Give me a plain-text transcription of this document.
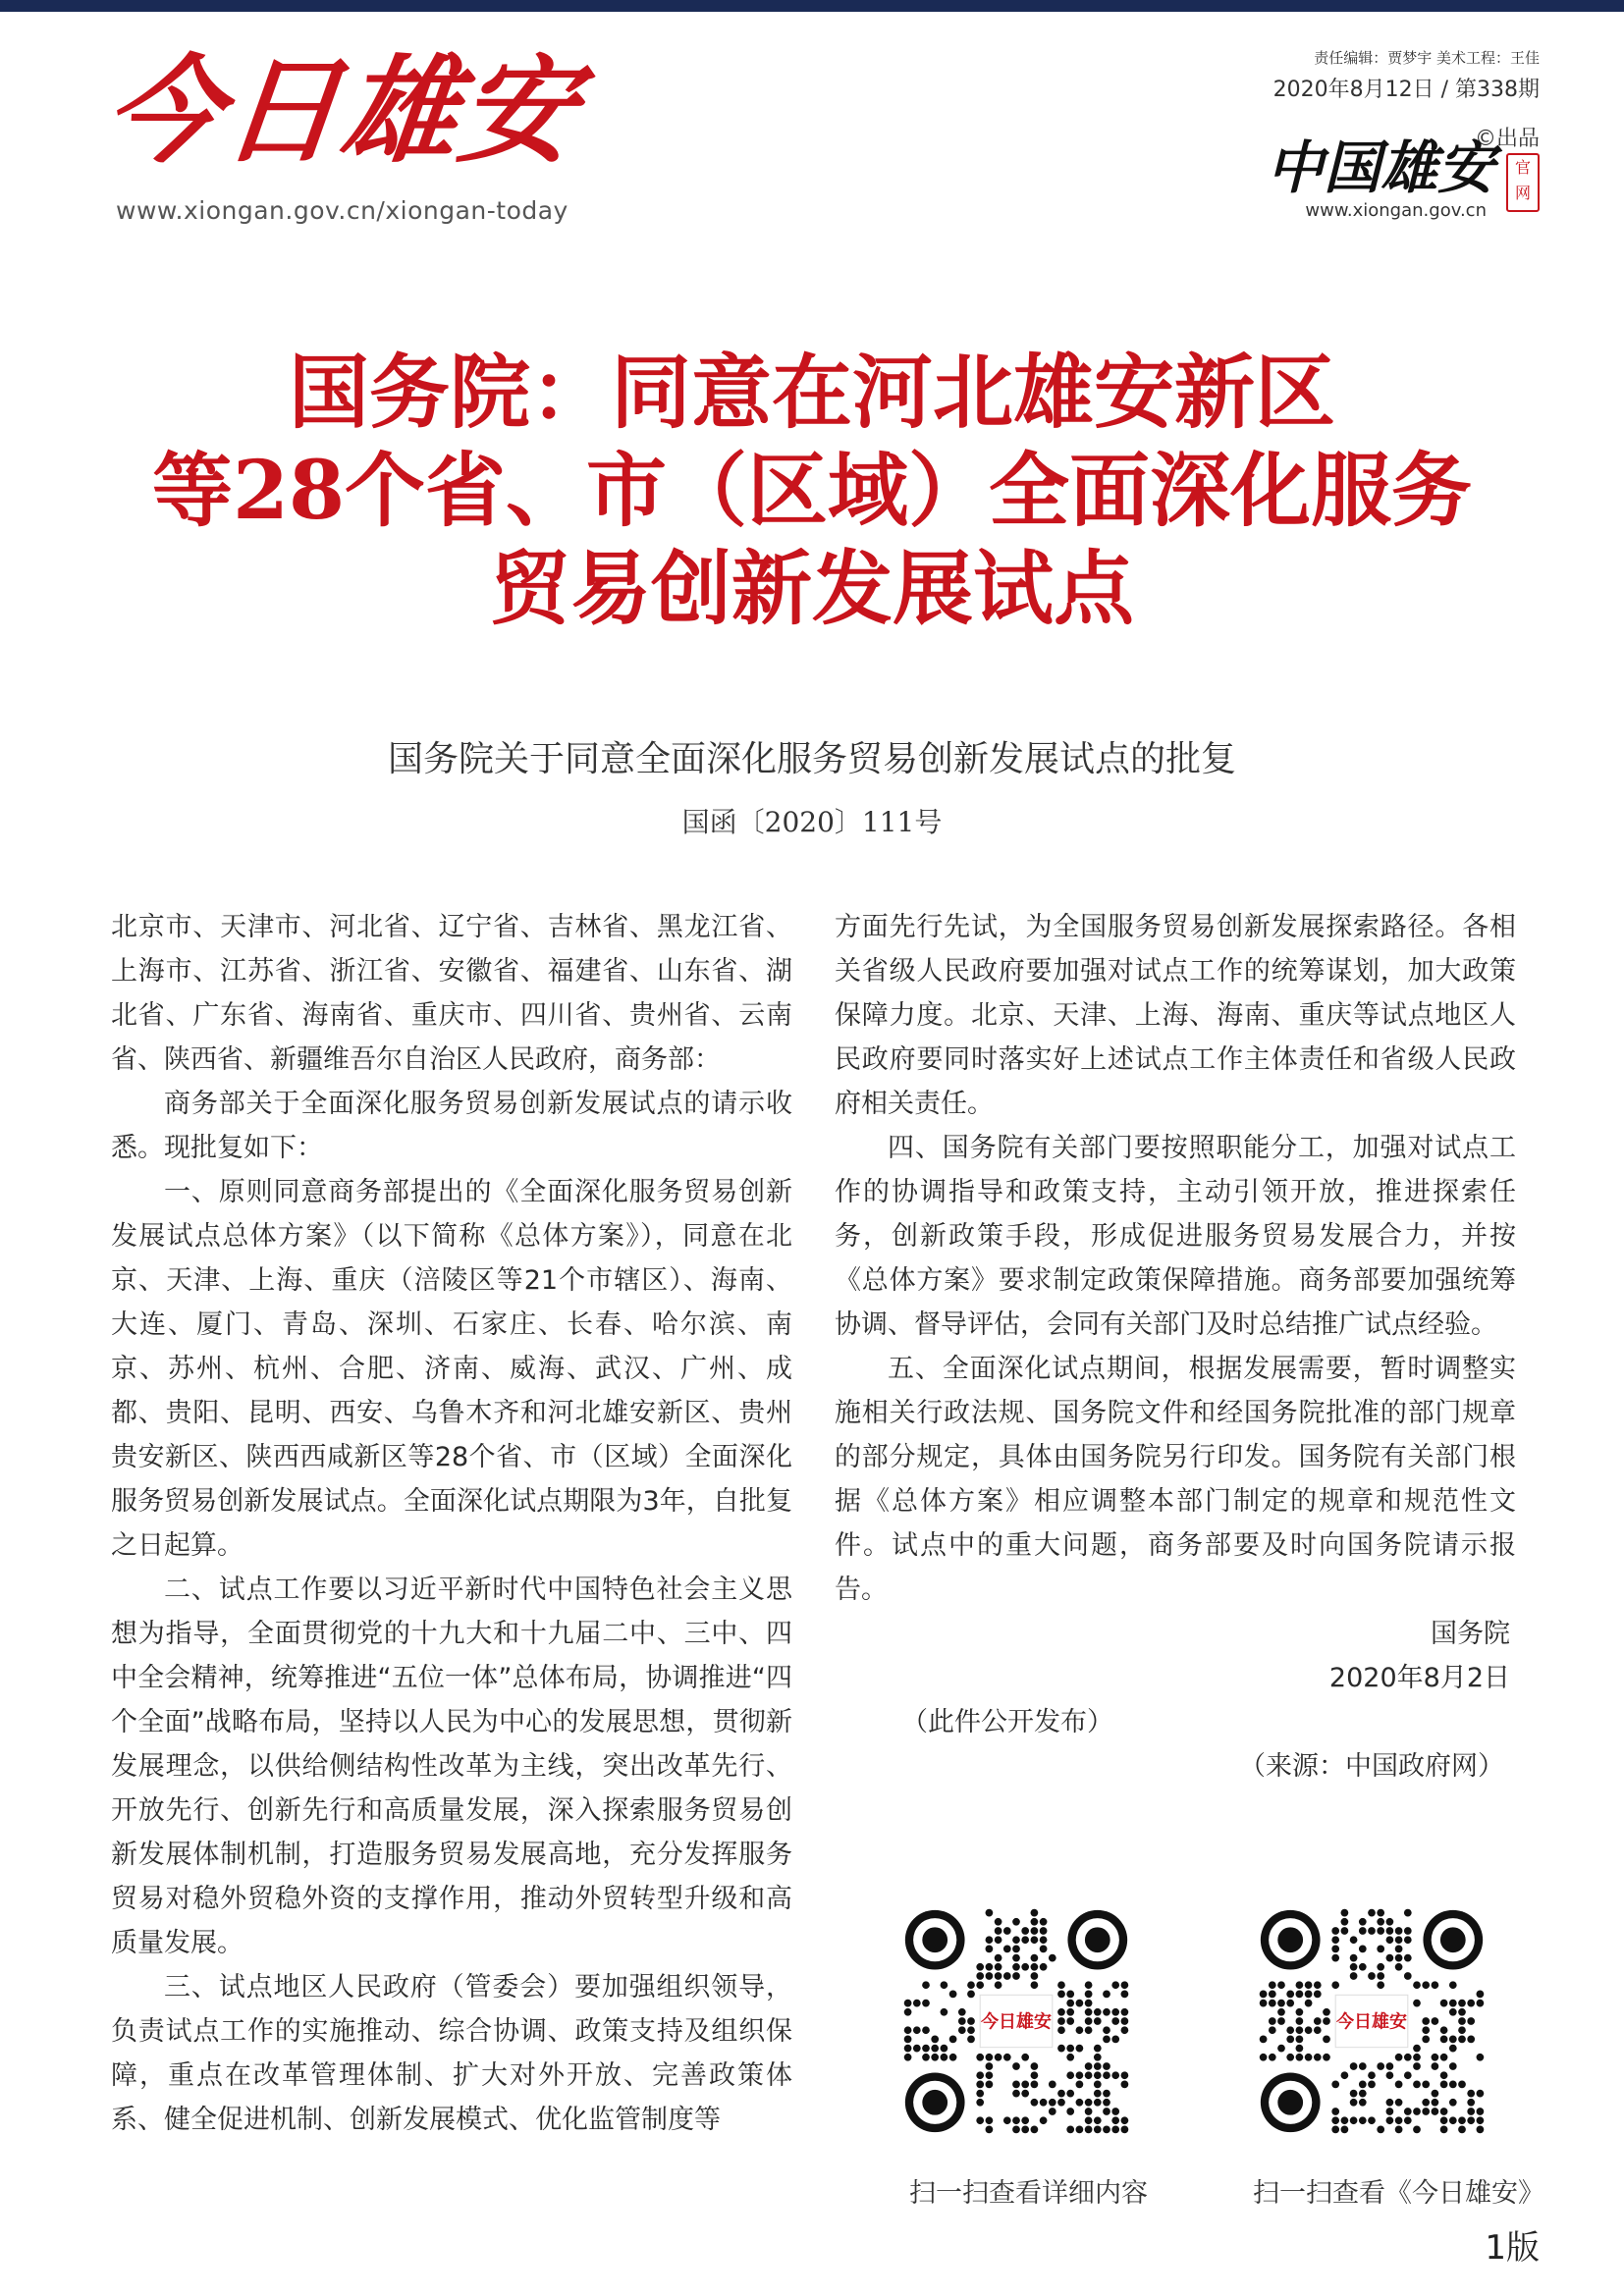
今日雄安
www.xiongan.gov.cn/xiongan-today
责任编辑：贾梦宇 美术工程：王佳
2020年8月12日 / 第338期
©出品
中国雄安	官网
www.xiongan.gov.cn
国务院：同意在河北雄安新区
等28个省、市（区域）全面深化服务
贸易创新发展试点
国务院关于同意全面深化服务贸易创新发展试点的批复
国函〔2020〕111号

北京市、天津市、河北省、辽宁省、吉林省、黑龙江省、上海市、江苏省、浙江省、安徽省、福建省、山东省、湖北省、广东省、海南省、重庆市、四川省、贵州省、云南省、陕西省、新疆维吾尔自治区人民政府，商务部：

商务部关于全面深化服务贸易创新发展试点的请示收悉。现批复如下：

一、原则同意商务部提出的《全面深化服务贸易创新发展试点总体方案》（以下简称《总体方案》），同意在北京、天津、上海、重庆（涪陵区等21个市辖区）、海南、大连、厦门、青岛、深圳、石家庄、长春、哈尔滨、南京、苏州、杭州、合肥、济南、威海、武汉、广州、成都、贵阳、昆明、西安、乌鲁木齐和河北雄安新区、贵州贵安新区、陕西西咸新区等28个省、市（区域）全面深化服务贸易创新发展试点。全面深化试点期限为3年，自批复之日起算。

二、试点工作要以习近平新时代中国特色社会主义思想为指导，全面贯彻党的十九大和十九届二中、三中、四中全会精神，统筹推进“五位一体”总体布局，协调推进“四个全面”战略布局，坚持以人民为中心的发展思想，贯彻新发展理念，以供给侧结构性改革为主线，突出改革先行、开放先行、创新先行和高质量发展，深入探索服务贸易创新发展体制机制，打造服务贸易发展高地，充分发挥服务贸易对稳外贸稳外资的支撑作用，推动外贸转型升级和高质量发展。

三、试点地区人民政府（管委会）要加强组织领导，负责试点工作的实施推动、综合协调、政策支持及组织保障，重点在改革管理体制、扩大对外开放、完善政策体系、健全促进机制、创新发展模式、优化监管制度等

方面先行先试，为全国服务贸易创新发展探索路径。各相关省级人民政府要加强对试点工作的统筹谋划，加大政策保障力度。北京、天津、上海、海南、重庆等试点地区人民政府要同时落实好上述试点工作主体责任和省级人民政府相关责任。

四、国务院有关部门要按照职能分工，加强对试点工作的协调指导和政策支持，主动引领开放，推进探索任务，创新政策手段，形成促进服务贸易发展合力，并按《总体方案》要求制定政策保障措施。商务部要加强统筹协调、督导评估，会同有关部门及时总结推广试点经验。

五、全面深化试点期间，根据发展需要，暂时调整实施相关行政法规、国务院文件和经国务院批准的部门规章的部分规定，具体由国务院另行印发。国务院有关部门根据《总体方案》相应调整本部门制定的规章和规范性文件。试点中的重大问题，商务部要及时向国务院请示报告。

国务院

2020年8月2日

（此件公开发布）

（来源：中国政府网）

今日雄安	今日雄安
扫一扫查看详细内容	扫一扫查看《今日雄安》
1版
